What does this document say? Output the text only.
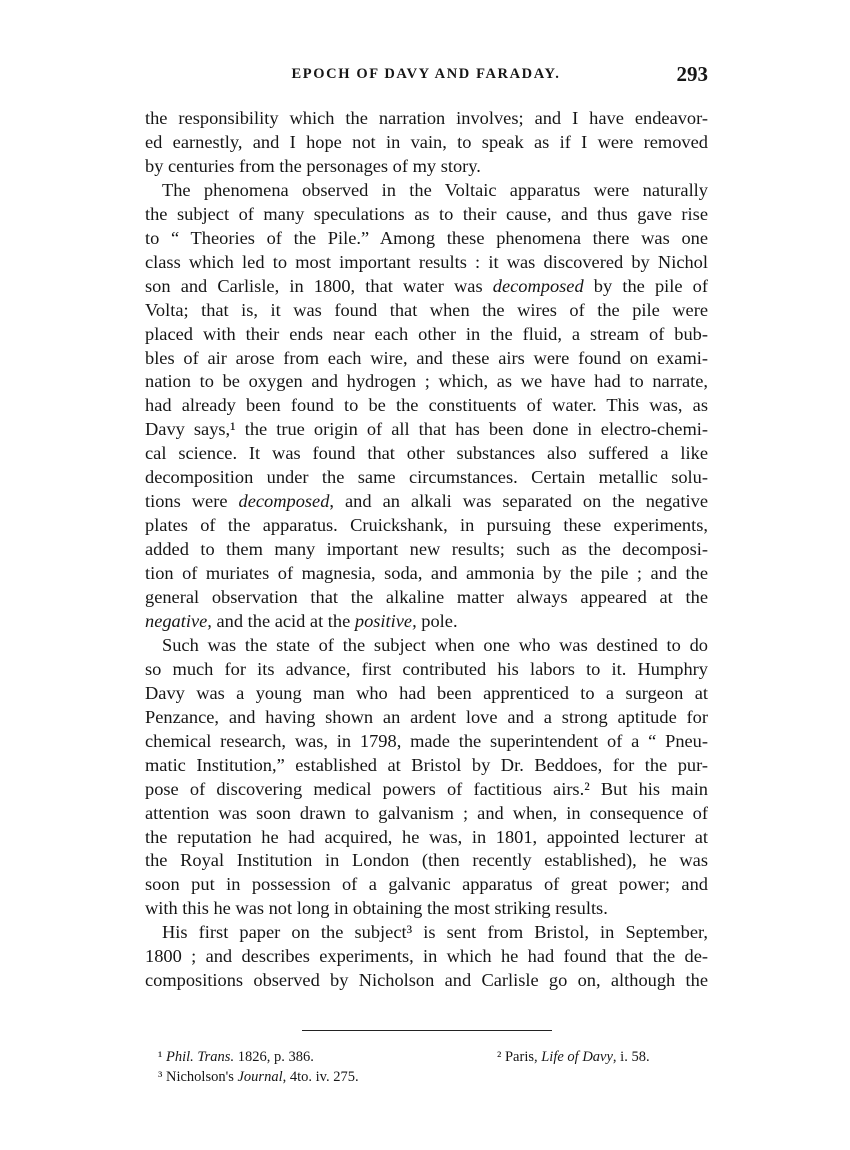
EPOCH OF DAVY AND FARADAY.	293
the responsibility which the narration involves; and I have endeavor-
ed earnestly, and I hope not in vain, to speak as if I were removed
by centuries from the personages of my story.
The phenomena observed in the Voltaic apparatus were naturally
the subject of many speculations as to their cause, and thus gave rise
to “ Theories of the Pile.” Among these phenomena there was one
class which led to most important results : it was discovered by Nichol
son and Carlisle, in 1800, that water was decomposed by the pile of
Volta; that is, it was found that when the wires of the pile were
placed with their ends near each other in the fluid, a stream of bub-
bles of air arose from each wire, and these airs were found on exami-
nation to be oxygen and hydrogen ; which, as we have had to narrate,
had already been found to be the constituents of water. This was, as
Davy says,¹ the true origin of all that has been done in electro-chemi-
cal science. It was found that other substances also suffered a like
decomposition under the same circumstances. Certain metallic solu-
tions were decomposed, and an alkali was separated on the negative
plates of the apparatus. Cruickshank, in pursuing these experiments,
added to them many important new results; such as the decomposi-
tion of muriates of magnesia, soda, and ammonia by the pile ; and the
general observation that the alkaline matter always appeared at the
negative, and the acid at the positive, pole.
Such was the state of the subject when one who was destined to do
so much for its advance, first contributed his labors to it. Humphry
Davy was a young man who had been apprenticed to a surgeon at
Penzance, and having shown an ardent love and a strong aptitude for
chemical research, was, in 1798, made the superintendent of a “ Pneu-
matic Institution,” established at Bristol by Dr. Beddoes, for the pur-
pose of discovering medical powers of factitious airs.² But his main
attention was soon drawn to galvanism ; and when, in consequence of
the reputation he had acquired, he was, in 1801, appointed lecturer at
the Royal Institution in London (then recently established), he was
soon put in possession of a galvanic apparatus of great power; and
with this he was not long in obtaining the most striking results.
His first paper on the subject³ is sent from Bristol, in September,
1800 ; and describes experiments, in which he had found that the de-
compositions observed by Nicholson and Carlisle go on, although the
¹ Phil. Trans. 1826, p. 386.	² Paris, Life of Davy, i. 58.
³ Nicholson's Journal, 4to. iv. 275.
